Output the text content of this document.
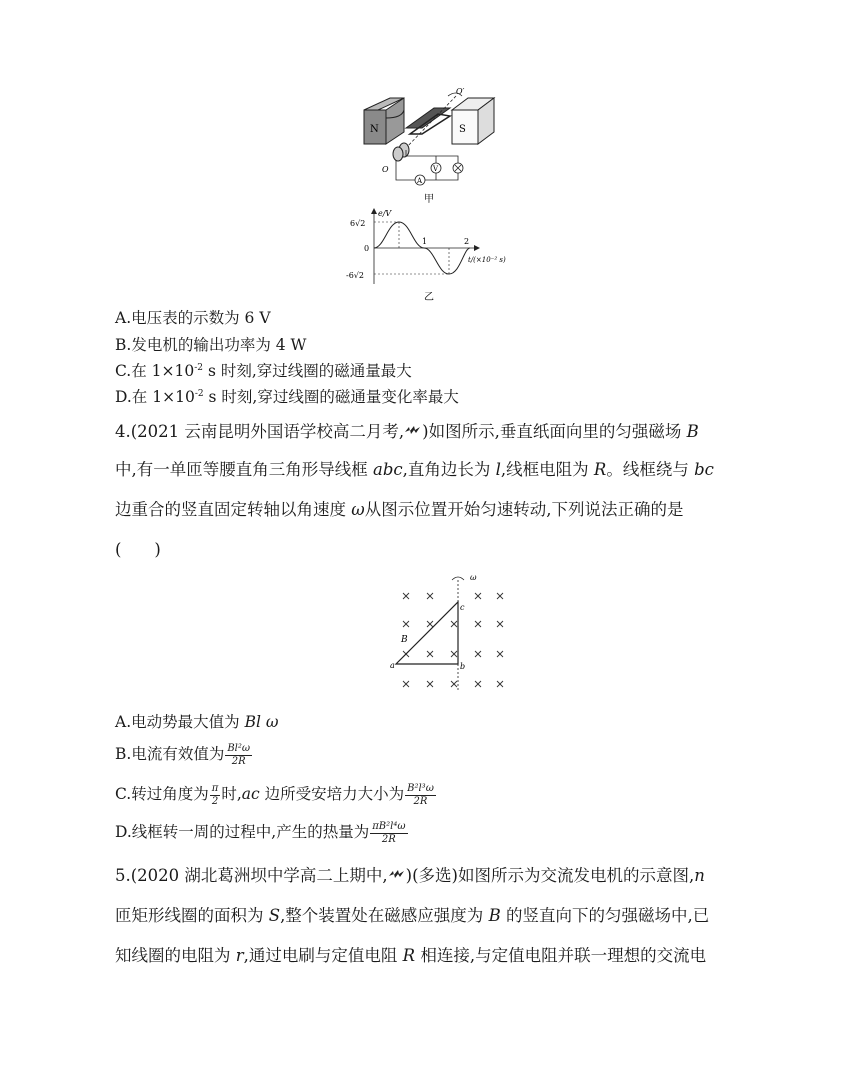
O′
O	V
A
N	S
甲
e/V
6√2
0
-6√2
1	2
t/(×10⁻² s)
乙
A.电压表的示数为 6 V
B.发电机的输出功率为 4 W
C.在 $1\times 10^{-2}$ s 时刻,穿过线圈的磁通量最大
D.在 $1\times 10^{-2}$ s 时刻,穿过线圈的磁通量变化率最大
4.(2021 云南昆明外国语学校高二月考, )如图所示,垂直纸面向里的匀强磁场 B
中,有一单匝等腰直角三角形导线框 abc,直角边长为 l,线框电阻为 R。线框绕与 bc
边重合的竖直固定转轴以角速度 ω从图示位置开始匀速转动,下列说法正确的是
(　　)
a	b
c
B
ω
A.电动势最大值为 Bl ω
B.电流有效值为 $\frac{\text{Bl²ω}}{2R}$
C.转过角度为 $\frac{\pi}{2}$ 时,ac 边所受安培力大小为 $\frac{\text{B²l³ω}}{2R}$
D.线框转一周的过程中,产生的热量为 $\frac{\text{πB²l⁴ω}}{2R}$
5.(2020 湖北葛洲坝中学高二上期中, )(多选)如图所示为交流发电机的示意图,n
匝矩形线圈的面积为 S,整个装置处在磁感应强度为 B 的竖直向下的匀强磁场中,已
知线圈的电阻为 r,通过电刷与定值电阻 R 相连接,与定值电阻并联一理想的交流电
